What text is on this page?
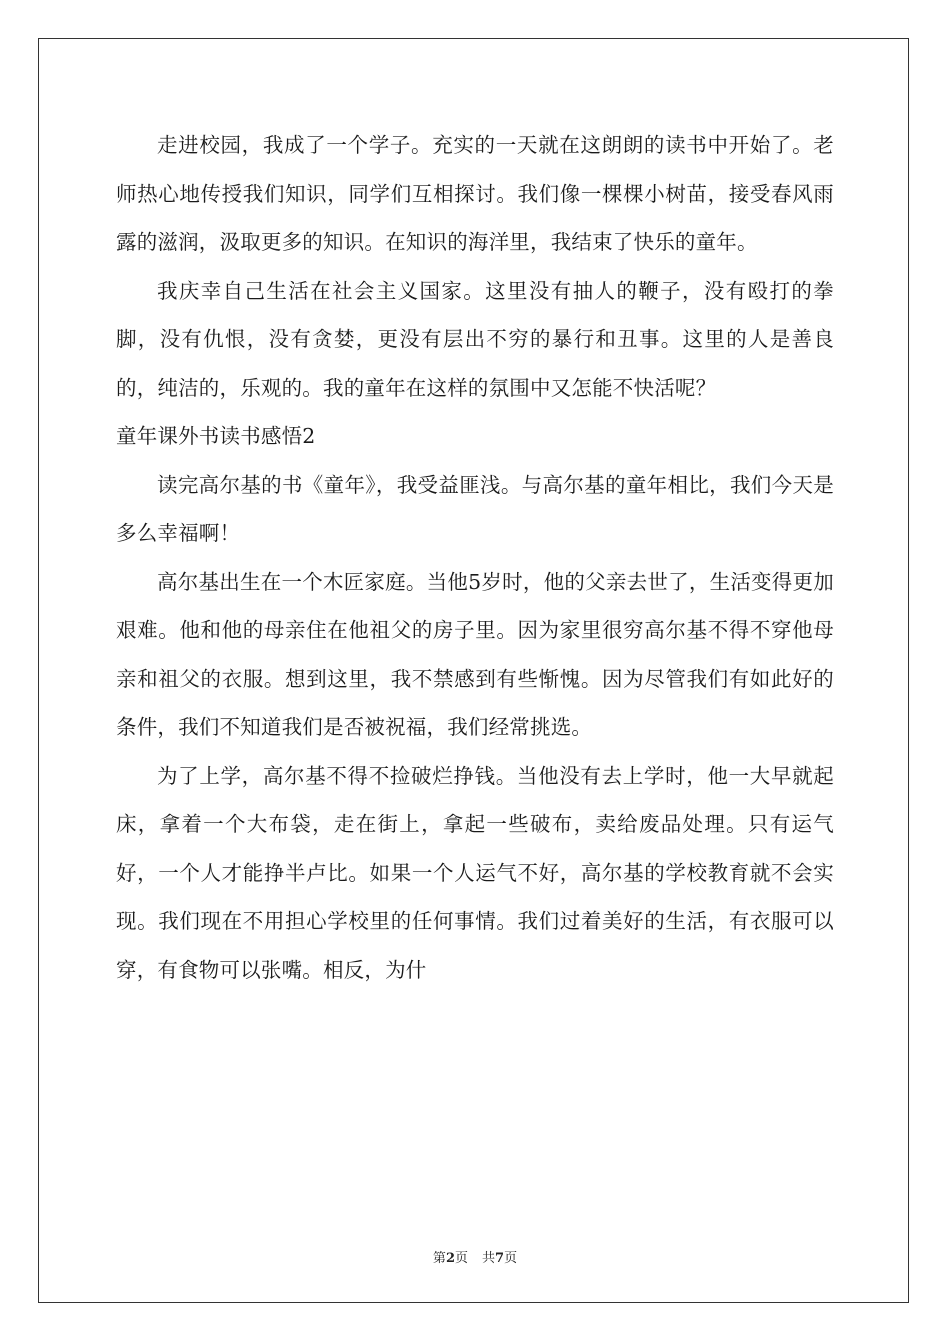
走进校园，我成了一个学子。充实的一天就在这朗朗的读书中开始了。老师热心地传授我们知识，同学们互相探讨。我们像一棵棵小树苗，接受春风雨露的滋润，汲取更多的知识。在知识的海洋里，我结束了快乐的童年。

我庆幸自己生活在社会主义国家。这里没有抽人的鞭子，没有殴打的拳脚，没有仇恨，没有贪婪，更没有层出不穷的暴行和丑事。这里的人是善良的，纯洁的，乐观的。我的童年在这样的氛围中又怎能不快活呢？

童年课外书读书感悟2

读完高尔基的书《童年》，我受益匪浅。与高尔基的童年相比，我们今天是多么幸福啊！

高尔基出生在一个木匠家庭。当他5岁时，他的父亲去世了，生活变得更加艰难。他和他的母亲住在他祖父的房子里。因为家里很穷高尔基不得不穿他母亲和祖父的衣服。想到这里，我不禁感到有些惭愧。因为尽管我们有如此好的条件，我们不知道我们是否被祝福，我们经常挑选。

为了上学，高尔基不得不捡破烂挣钱。当他没有去上学时，他一大早就起床，拿着一个大布袋，走在街上，拿起一些破布，卖给废品处理。只有运气好，一个人才能挣半卢比。如果一个人运气不好，高尔基的学校教育就不会实现。我们现在不用担心学校里的任何事情。我们过着美好的生活，有衣服可以穿，有食物可以张嘴。相反，为什

第2页 共7页
